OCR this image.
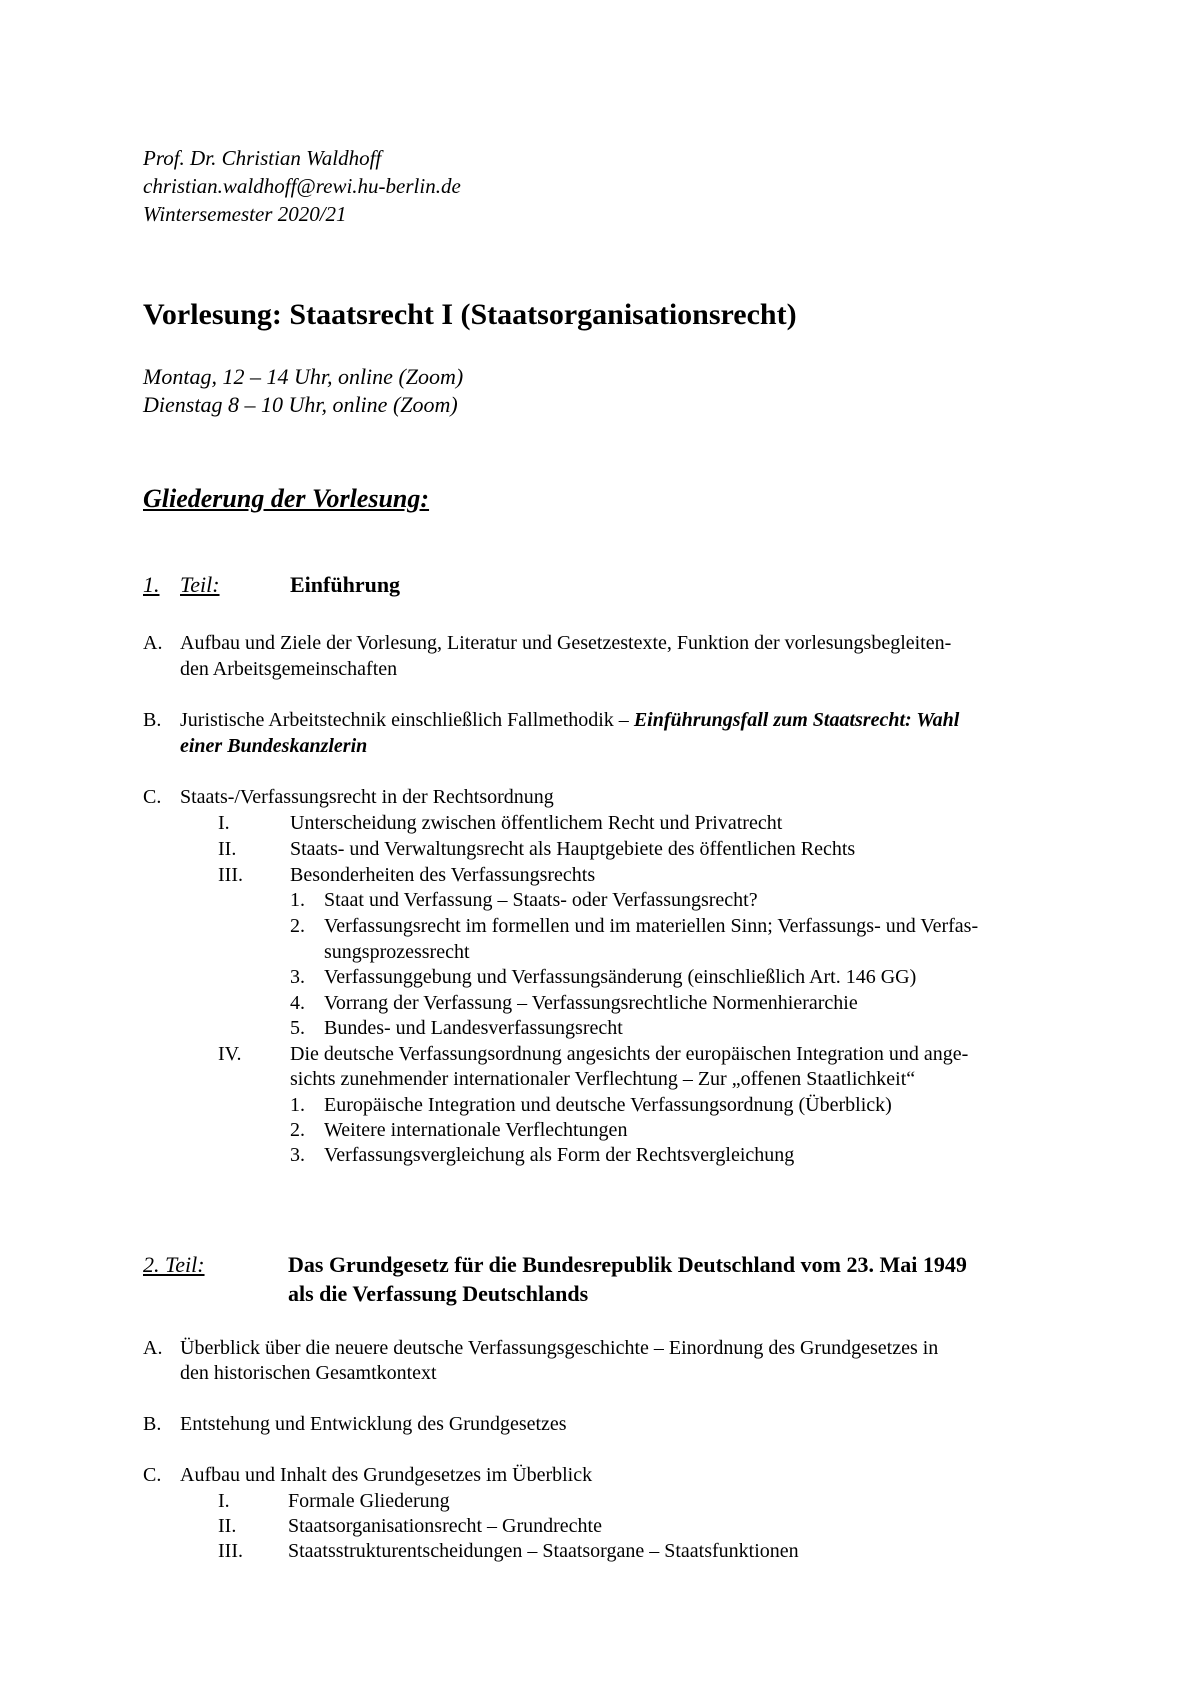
Prof. Dr. Christian Waldhoff
christian.waldhoff@rewi.hu-berlin.de
Wintersemester 2020/21
Vorlesung: Staatsrecht I (Staatsorganisationsrecht)
Montag, 12 – 14 Uhr, online (Zoom)
Dienstag 8 – 10 Uhr, online (Zoom)
Gliederung der Vorlesung:
1. Teil:	Einführung
A. Aufbau und Ziele der Vorlesung, Literatur und Gesetzestexte, Funktion der vorlesungsbegleiten-
den Arbeitsgemeinschaften
B. Juristische Arbeitstechnik einschließlich Fallmethodik – Einführungsfall zum Staatsrecht: Wahl
einer Bundeskanzlerin
C. Staats-/Verfassungsrecht in der Rechtsordnung
I.	Unterscheidung zwischen öffentlichem Recht und Privatrecht
II.	Staats- und Verwaltungsrecht als Hauptgebiete des öffentlichen Rechts
III. Besonderheiten des Verfassungsrechts
1. Staat und Verfassung – Staats- oder Verfassungsrecht?
2. Verfassungsrecht im formellen und im materiellen Sinn; Verfassungs- und Verfas-
sungsprozessrecht
3. Verfassunggebung und Verfassungsänderung (einschließlich Art. 146 GG)
4. Vorrang der Verfassung – Verfassungsrechtliche Normenhierarchie
5. Bundes- und Landesverfassungsrecht
IV. Die deutsche Verfassungsordnung angesichts der europäischen Integration und ange-
sichts zunehmender internationaler Verflechtung – Zur „offenen Staatlichkeit“
1. Europäische Integration und deutsche Verfassungsordnung (Überblick)
2. Weitere internationale Verflechtungen
3. Verfassungsvergleichung als Form der Rechtsvergleichung
2. Teil:	Das Grundgesetz für die Bundesrepublik Deutschland vom 23. Mai 1949
als die Verfassung Deutschlands
A. Überblick über die neuere deutsche Verfassungsgeschichte – Einordnung des Grundgesetzes in
den historischen Gesamtkontext
B. Entstehung und Entwicklung des Grundgesetzes
C. Aufbau und Inhalt des Grundgesetzes im Überblick
I.	Formale Gliederung
II.	Staatsorganisationsrecht – Grundrechte
III. Staatsstrukturentscheidungen – Staatsorgane – Staatsfunktionen
